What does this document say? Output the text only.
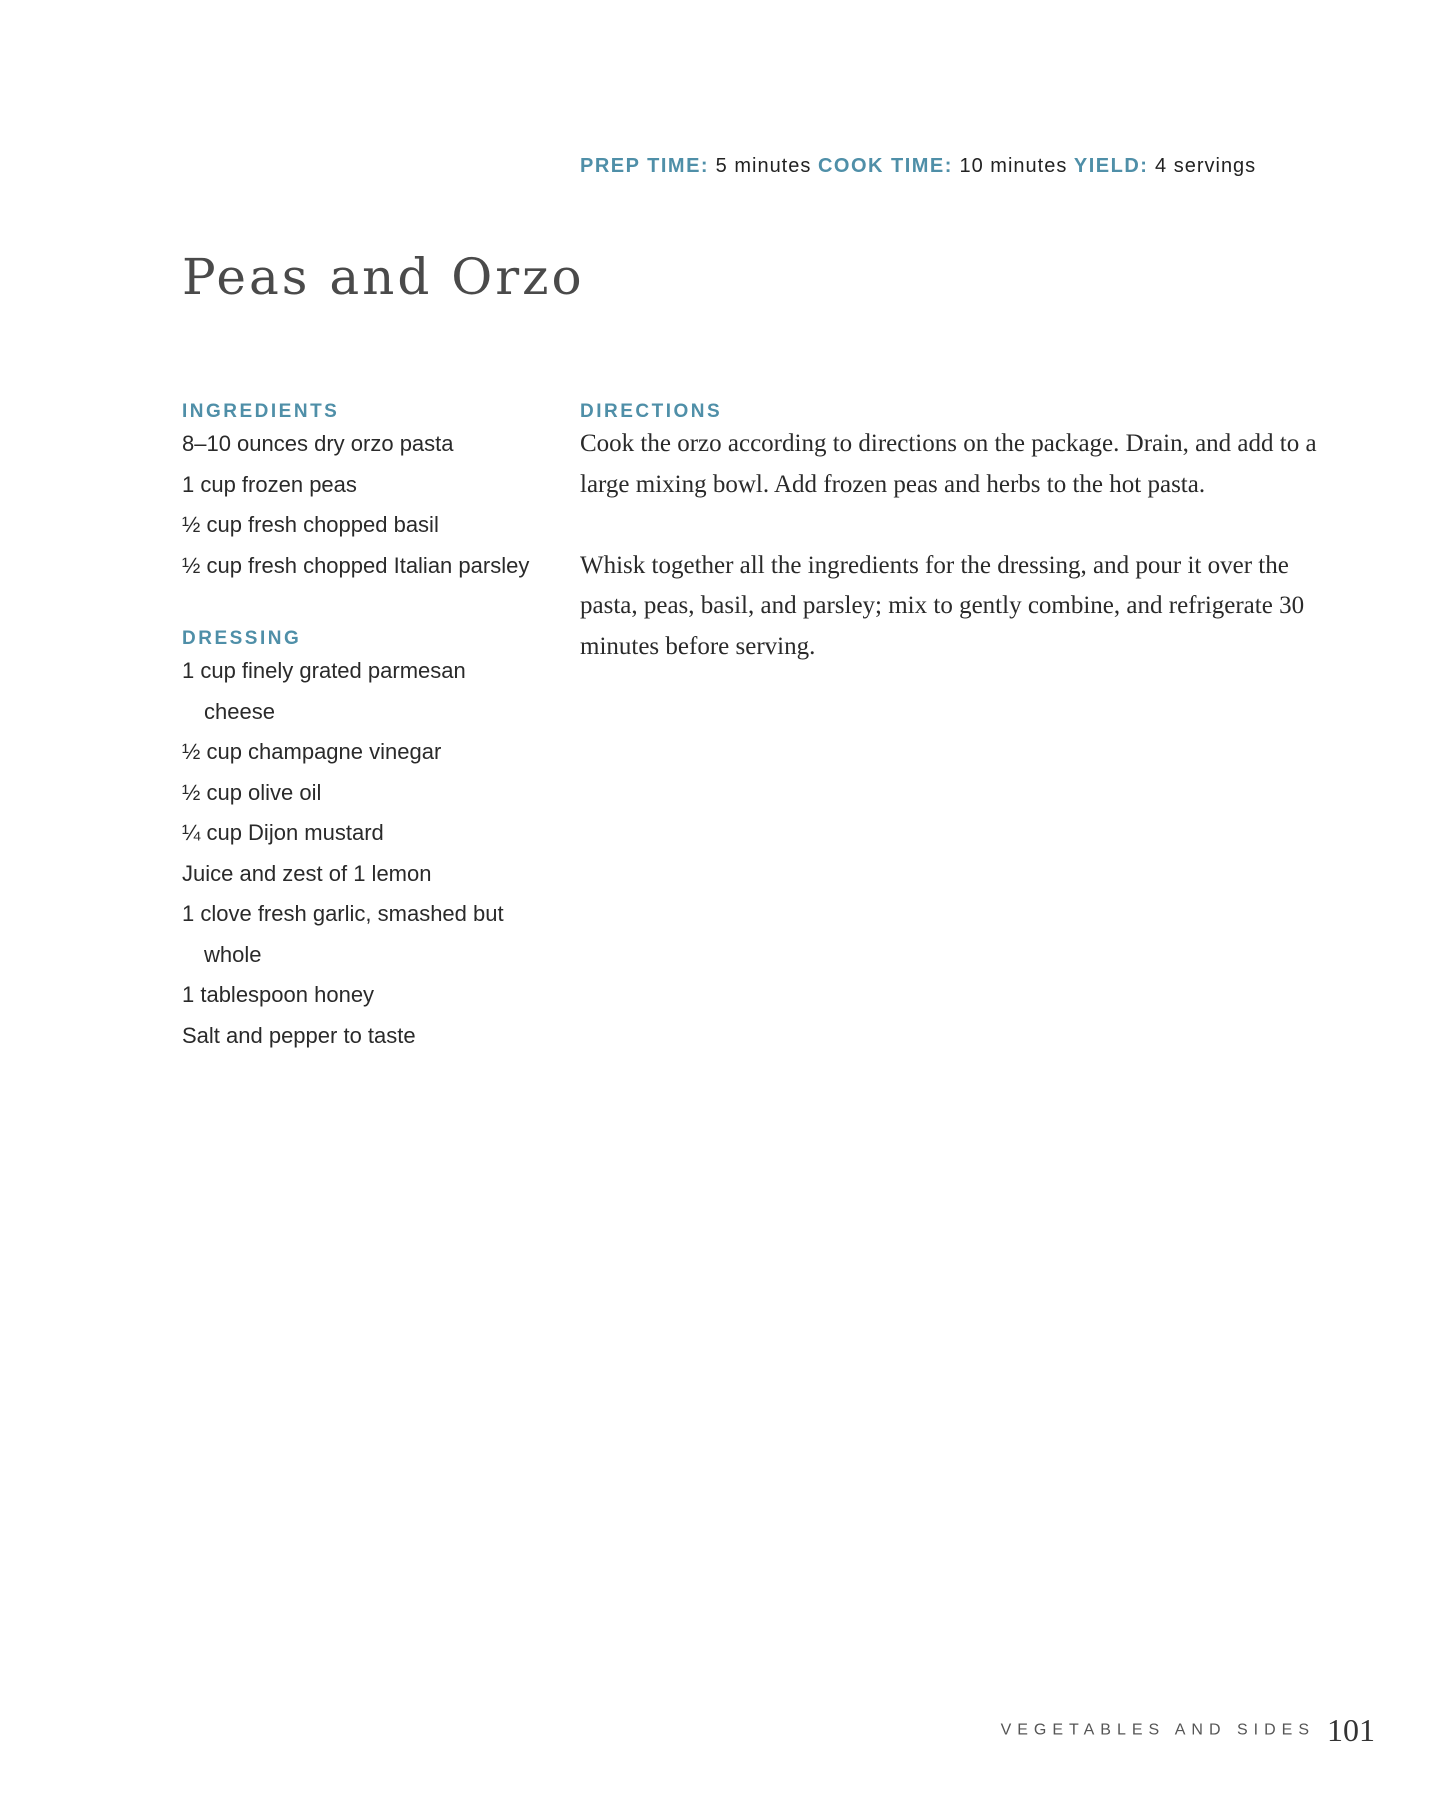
PREP TIME: 5 minutes COOK TIME: 10 minutes YIELD: 4 servings
Peas and Orzo
INGREDIENTS
8–10 ounces dry orzo pasta
1 cup frozen peas
½ cup fresh chopped basil
½ cup fresh chopped Italian parsley
DRESSING
1 cup finely grated parmesan cheese
½ cup champagne vinegar
½ cup olive oil
¼ cup Dijon mustard
Juice and zest of 1 lemon
1 clove fresh garlic, smashed but whole
1 tablespoon honey
Salt and pepper to taste
DIRECTIONS

Cook the orzo according to directions on the package. Drain, and add to a large mixing bowl. Add frozen peas and herbs to the hot pasta.

Whisk together all the ingredients for the dressing, and pour it over the pasta, peas, basil, and parsley; mix to gently combine, and refrigerate 30 minutes before serving.

VEGETABLES AND SIDES 101
